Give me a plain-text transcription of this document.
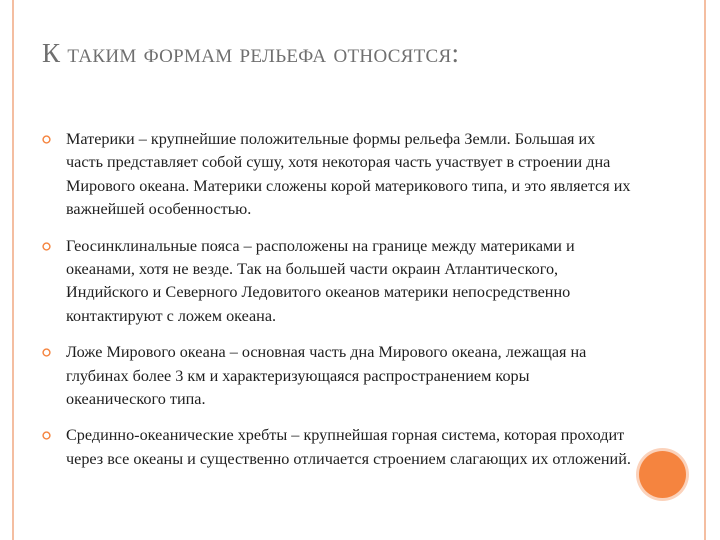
К таким формам рельефа относятся:
Материки – крупнейшие положительные формы рельефа Земли. Большая их часть представляет собой сушу, хотя некоторая часть участвует в строении дна Мирового океана. Материки сложены корой материкового типа, и это является их важнейшей особенностью.
Геосинклинальные пояса – расположены на границе между материками и океанами, хотя не везде. Так на большей части окраин Атлантического, Индийского и Северного Ледовитого океанов материки непосредственно контактируют с ложем океана.
Ложе Мирового океана – основная часть дна Мирового океана, лежащая на глубинах более 3 км и характеризующаяся распространением коры океанического типа.
Срединно-океанические хребты – крупнейшая горная система, которая проходит через все океаны и существенно отличается строением слагающих их отложений.
